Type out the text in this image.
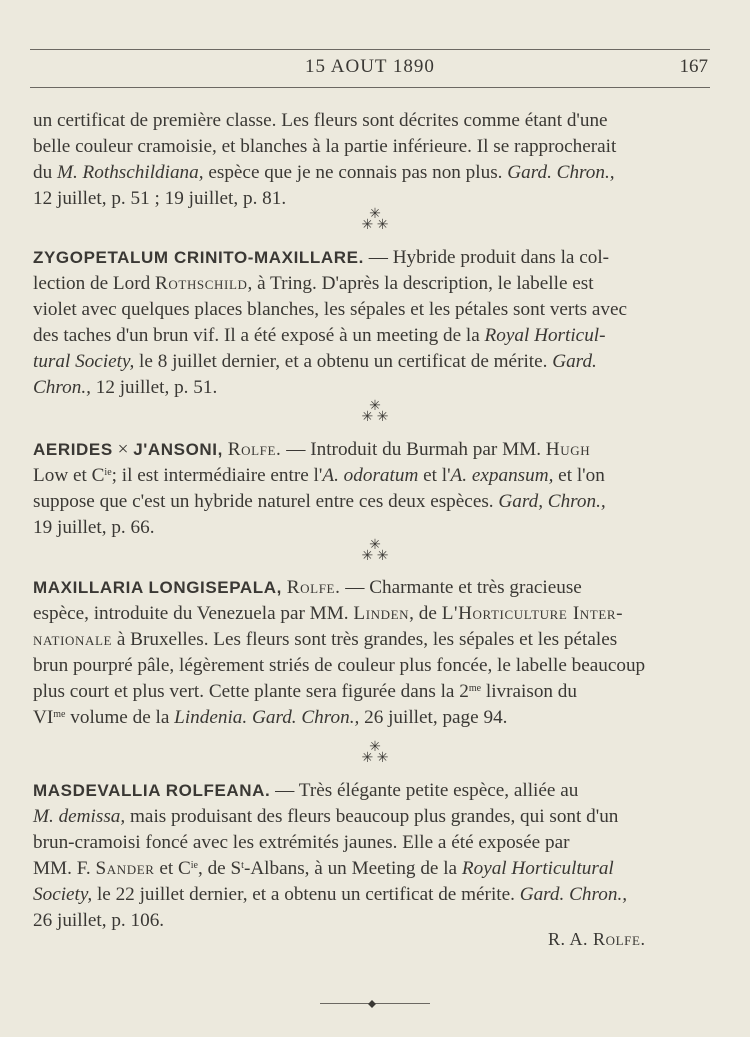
15 AOUT 1890	167

un certificat de première classe. Les fleurs sont décrites comme étant d'une

belle couleur cramoisie, et blanches à la partie inférieure. Il se rapprocherait

du M. Rothschildiana, espèce que je ne connais pas non plus. Gard. Chron.,

12 juillet, p. 51 ; 19 juillet, p. 81.

✳
✳ ✳

ZYGOPETALUM CRINITO-MAXILLARE. — Hybride produit dans la col-

lection de Lord Rothschild, à Tring. D'après la description, le labelle est

violet avec quelques places blanches, les sépales et les pétales sont verts avec

des taches d'un brun vif. Il a été exposé à un meeting de la Royal Horticul-

tural Society, le 8 juillet dernier, et a obtenu un certificat de mérite. Gard.

Chron., 12 juillet, p. 51.

✳
✳ ✳

AERIDES × J'ANSONI, Rolfe. — Introduit du Burmah par MM. Hugh

Low et $C^{ie}$; il est intermédiaire entre l'A. odoratum et l'A. expansum, et l'on

suppose que c'est un hybride naturel entre ces deux espèces. Gard, Chron.,

19 juillet, p. 66.

✳
✳ ✳

MAXILLARIA LONGISEPALA, Rolfe. — Charmante et très gracieuse

espèce, introduite du Venezuela par MM. Linden, de L'Horticulture Inter-

nationale à Bruxelles. Les fleurs sont très grandes, les sépales et les pétales

brun pourpré pâle, légèrement striés de couleur plus foncée, le labelle beaucoup

plus court et plus vert. Cette plante sera figurée dans la $2^{me}$ livraison du

$VI^{me}$ volume de la Lindenia. Gard. Chron., 26 juillet, page 94.

✳
✳ ✳

MASDEVALLIA ROLFEANA. — Très élégante petite espèce, alliée au

M. demissa, mais produisant des fleurs beaucoup plus grandes, qui sont d'un

brun-cramoisi foncé avec les extrémités jaunes. Elle a été exposée par

MM. F. Sander et $C^{ie}$, de $S^t$-Albans, à un Meeting de la Royal Horticultural

Society, le 22 juillet dernier, et a obtenu un certificat de mérite. Gard. Chron.,

26 juillet, p. 106.

R. A. Rolfe.
